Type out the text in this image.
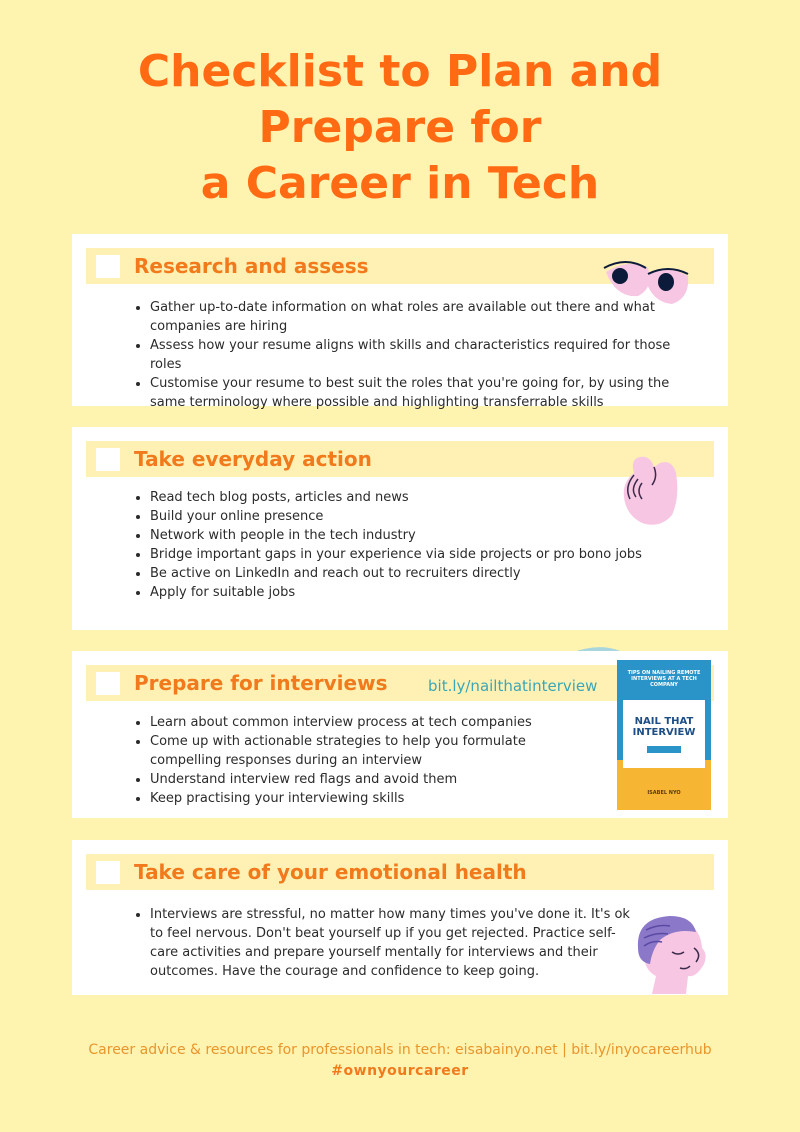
Checklist to Plan and
Prepare for
a Career in Tech
Research and assess
• Gather up-to-date information on what roles are available out there and what companies are hiring
• Assess how your resume aligns with skills and characteristics required for those roles
• Customise your resume to best suit the roles that you're going for, by using the same terminology where possible and highlighting transferrable skills
Take everyday action
• Read tech blog posts, articles and news
• Build your online presence
• Network with people in the tech industry
• Bridge important gaps in your experience via side projects or pro bono jobs
• Be active on LinkedIn and reach out to recruiters directly
• Apply for suitable jobs
Prepare for interviews	bit.ly/nailthatinterview
TIPS ON NAILING REMOTE INTERVIEWS AT A TECH COMPANY
NAIL THAT INTERVIEW
ISABEL NYO
• Learn about common interview process at tech companies
• Come up with actionable strategies to help you formulate compelling responses during an interview
• Understand interview red flags and avoid them
• Keep practising your interviewing skills
Take care of your emotional health
• Interviews are stressful, no matter how many times you've done it. It's ok to feel nervous. Don't beat yourself up if you get rejected. Practice self-care activities and prepare yourself mentally for interviews and their outcomes. Have the courage and confidence to keep going.
Career advice & resources for professionals in tech: eisabainyo.net | bit.ly/inyocareerhub
#ownyourcareer
